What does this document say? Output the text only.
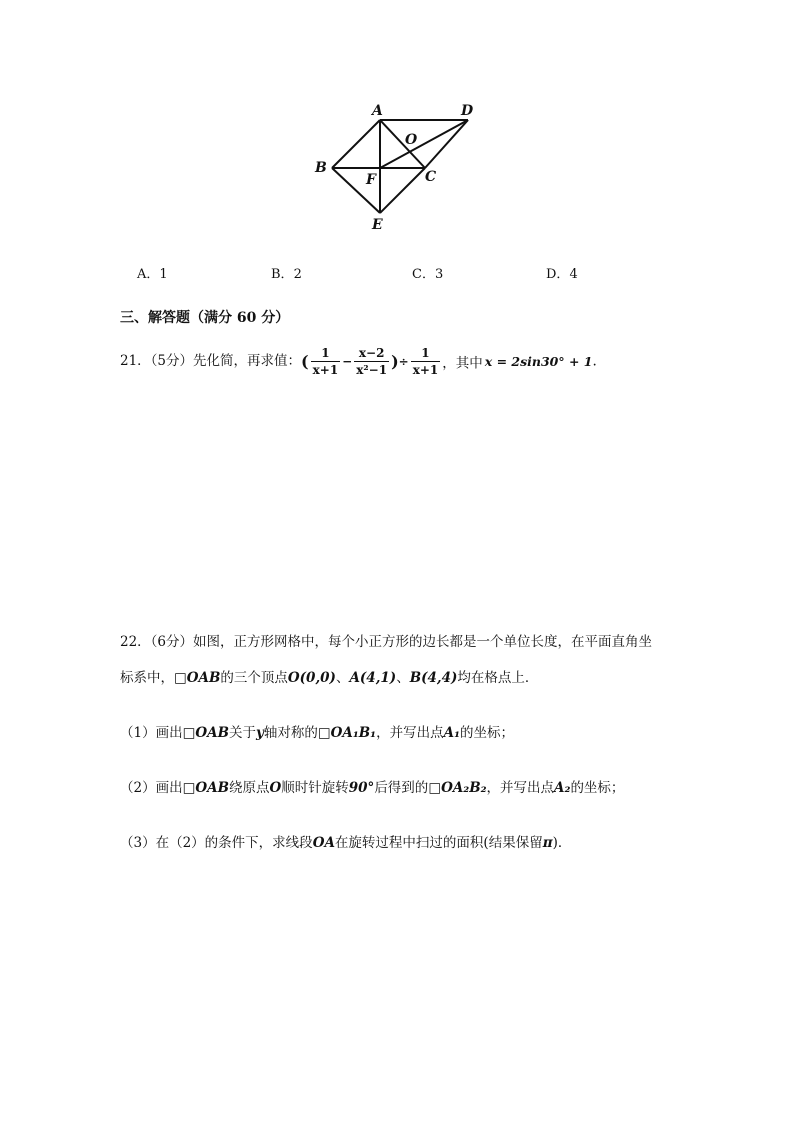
A	D
O
B
F	C
E
A．1	B．2	C．3	D．4
三、解答题（满分 60 分）
21．（5分）先化简，再求值：( $\frac{1}{x+1} - \frac{x-2}{\text{x²−1}}$ )÷ $\frac{1}{x+1}$ ，其中 x = 2sin30° + 1.
22．（6分）如图，正方形网格中，每个小正方形的边长都是一个单位长度，在平面直角坐
标系中，□OAB的三个顶点O(0,0)、A(4,1)、B(4,4)均在格点上．
（1）画出□OAB关于y轴对称的□OA₁B₁，并写出点A₁的坐标；
（2）画出□OAB绕原点O顺时针旋转90°后得到的□OA₂B₂，并写出点A₂的坐标；
（3）在（2）的条件下，求线段OA在旋转过程中扫过的面积(结果保留π)．
